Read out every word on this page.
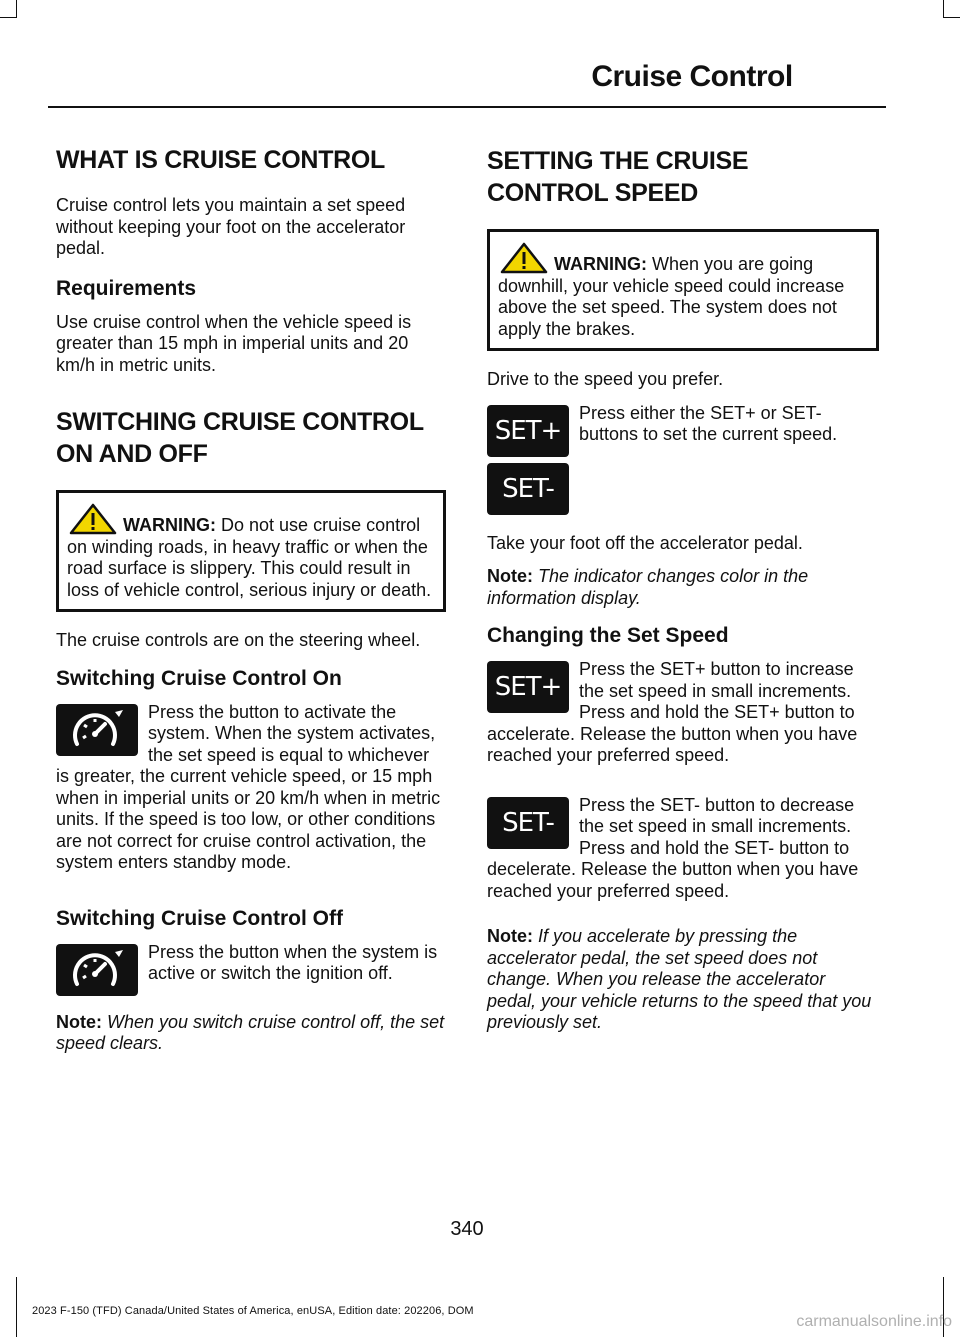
Cruise Control
WHAT IS CRUISE CONTROL

Cruise control lets you maintain a set speed without keeping your foot on the accelerator pedal.

Requirements

Use cruise control when the vehicle speed is greater than 15 mph in imperial units and 20 km/h in metric units.

SWITCHING CRUISE CONTROL
ON AND OFF
WARNING: Do not use cruise control on winding roads, in heavy traffic or when the road surface is slippery. This could result in loss of vehicle control, serious injury or death.

The cruise controls are on the steering wheel.

Switching Cruise Control On

Press the button to activate the system. When the system activates, the set speed is equal to whichever is greater, the current vehicle speed, or 15 mph when in imperial units or 20 km/h when in metric units. If the speed is too low, or other conditions are not correct for cruise control activation, the system enters standby mode.

Switching Cruise Control Off

Press the button when the system is active or switch the ignition off.

Note: When you switch cruise control off, the set speed clears.

SETTING THE CRUISE
CONTROL SPEED
WARNING: When you are going downhill, your vehicle speed could increase above the set speed. The system does not apply the brakes.

Drive to the speed you prefer.

SET+
SET-

Press either the SET+ or SET- buttons to set the current speed.

Take your foot off the accelerator pedal.

Note: The indicator changes color in the information display.

Changing the Set Speed
SET+

Press the SET+ button to increase the set speed in small increments. Press and hold the SET+ button to accelerate. Release the button when you have reached your preferred speed.

SET-

Press the SET- button to decrease the set speed in small increments. Press and hold the SET- button to decelerate. Release the button when you have reached your preferred speed.

Note: If you accelerate by pressing the accelerator pedal, the set speed does not change. When you release the accelerator pedal, your vehicle returns to the speed that you previously set.

340
2023 F-150 (TFD) Canada/United States of America, enUSA, Edition date: 202206, DOM
carmanualsonline.info
